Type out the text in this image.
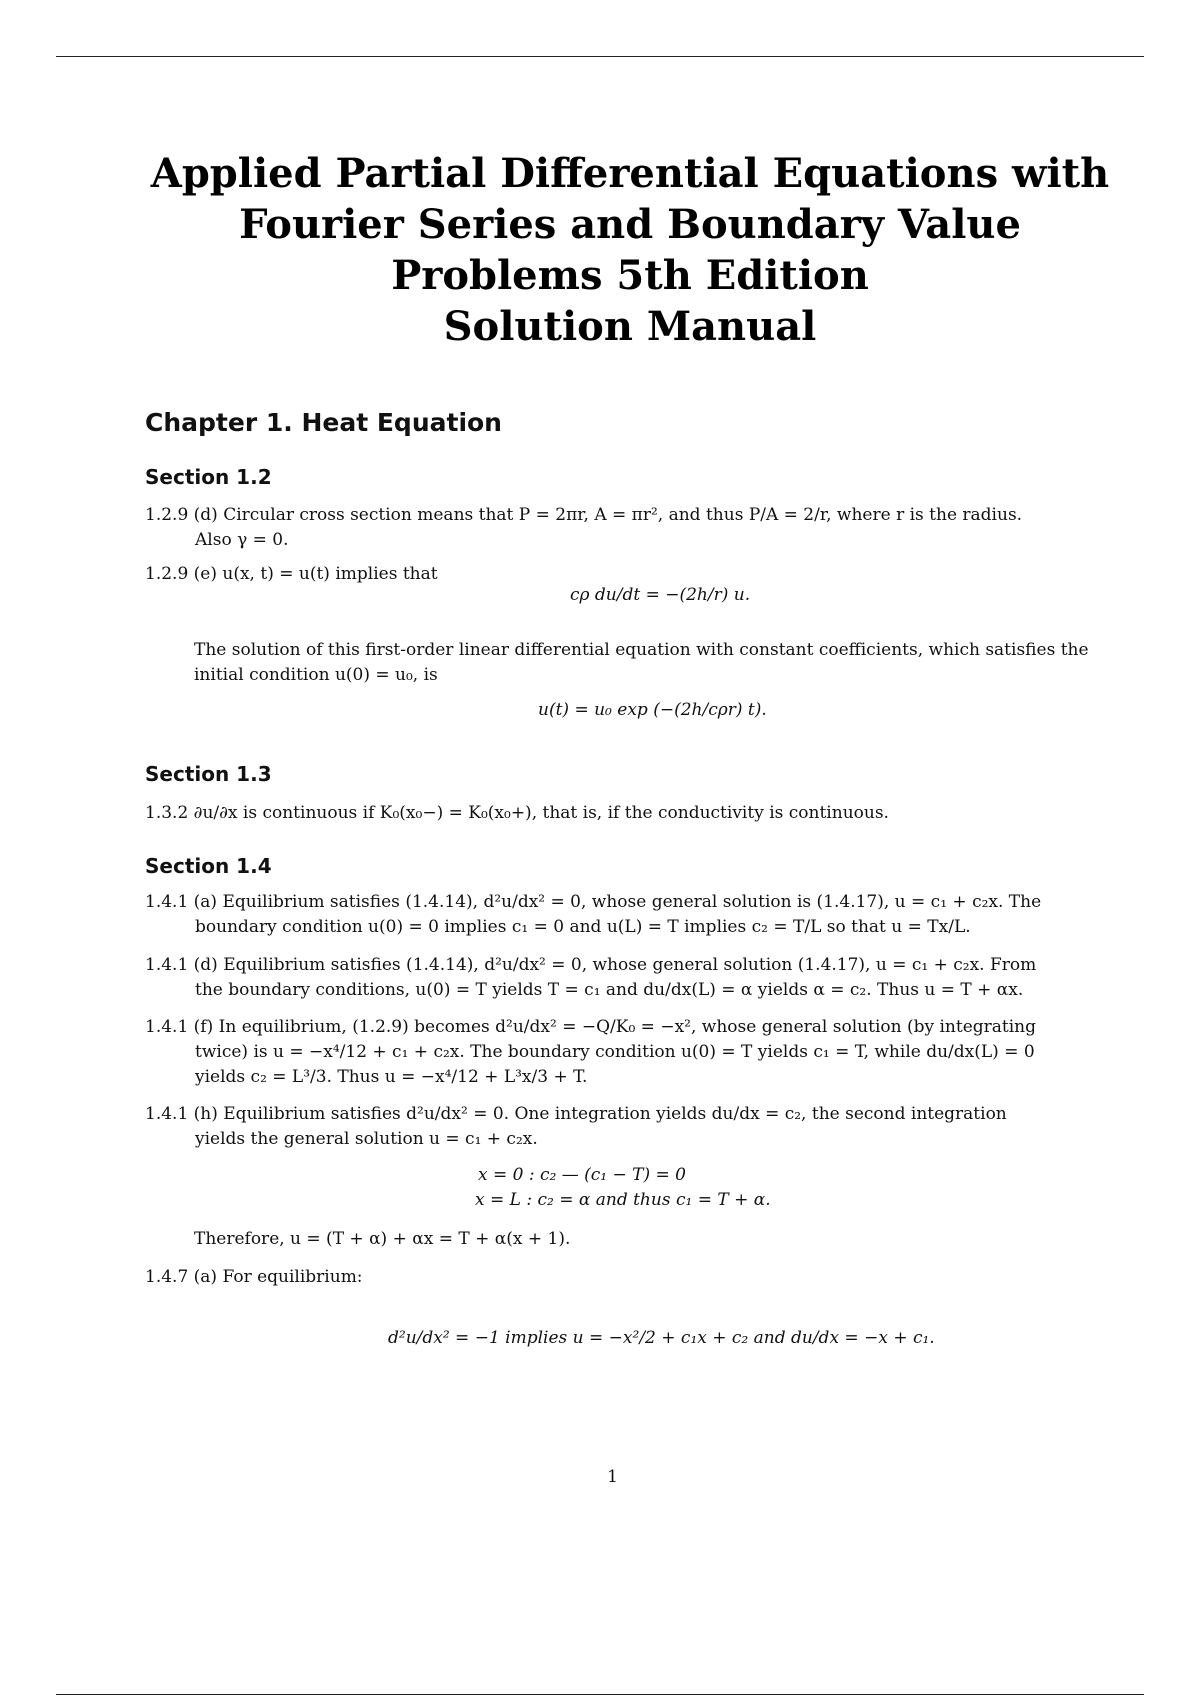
Applied Partial Differential Equations with
Fourier Series and Boundary Value
Problems 5th Edition
Solution Manual
Chapter 1. Heat Equation
Section 1.2
1.2.9 (d) Circular cross section means that P = 2πr, A = πr², and thus P/A = 2/r, where r is the radius.
Also γ = 0.
1.2.9 (e) u(x, t) = u(t) implies that
cρ du/dt = −(2h/r) u.
The solution of this first-order linear differential equation with constant coefficients, which satisfies the
initial condition u(0) = u₀, is
u(t) = u₀ exp (−(2h/cρr) t).
Section 1.3
1.3.2 ∂u/∂x is continuous if K₀(x₀−) = K₀(x₀+), that is, if the conductivity is continuous.
Section 1.4
1.4.1 (a) Equilibrium satisfies (1.4.14), d²u/dx² = 0, whose general solution is (1.4.17), u = c₁ + c₂x. The
boundary condition u(0) = 0 implies c₁ = 0 and u(L) = T implies c₂ = T/L so that u = Tx/L.
1.4.1 (d) Equilibrium satisfies (1.4.14), d²u/dx² = 0, whose general solution (1.4.17), u = c₁ + c₂x. From
the boundary conditions, u(0) = T yields T = c₁ and du/dx(L) = α yields α = c₂. Thus u = T + αx.
1.4.1 (f) In equilibrium, (1.2.9) becomes d²u/dx² = −Q/K₀ = −x², whose general solution (by integrating
twice) is u = −x⁴/12 + c₁ + c₂x. The boundary condition u(0) = T yields c₁ = T, while du/dx(L) = 0
yields c₂ = L³/3. Thus u = −x⁴/12 + L³x/3 + T.
1.4.1 (h) Equilibrium satisfies d²u/dx² = 0. One integration yields du/dx = c₂, the second integration
yields the general solution u = c₁ + c₂x.
x = 0 : c₂ — (c₁ − T) = 0
x = L : c₂ = α and thus c₁ = T + α.
Therefore, u = (T + α) + αx = T + α(x + 1).
1.4.7 (a) For equilibrium:
d²u/dx² = −1 implies u = −x²/2 + c₁x + c₂ and du/dx = −x + c₁.
1
